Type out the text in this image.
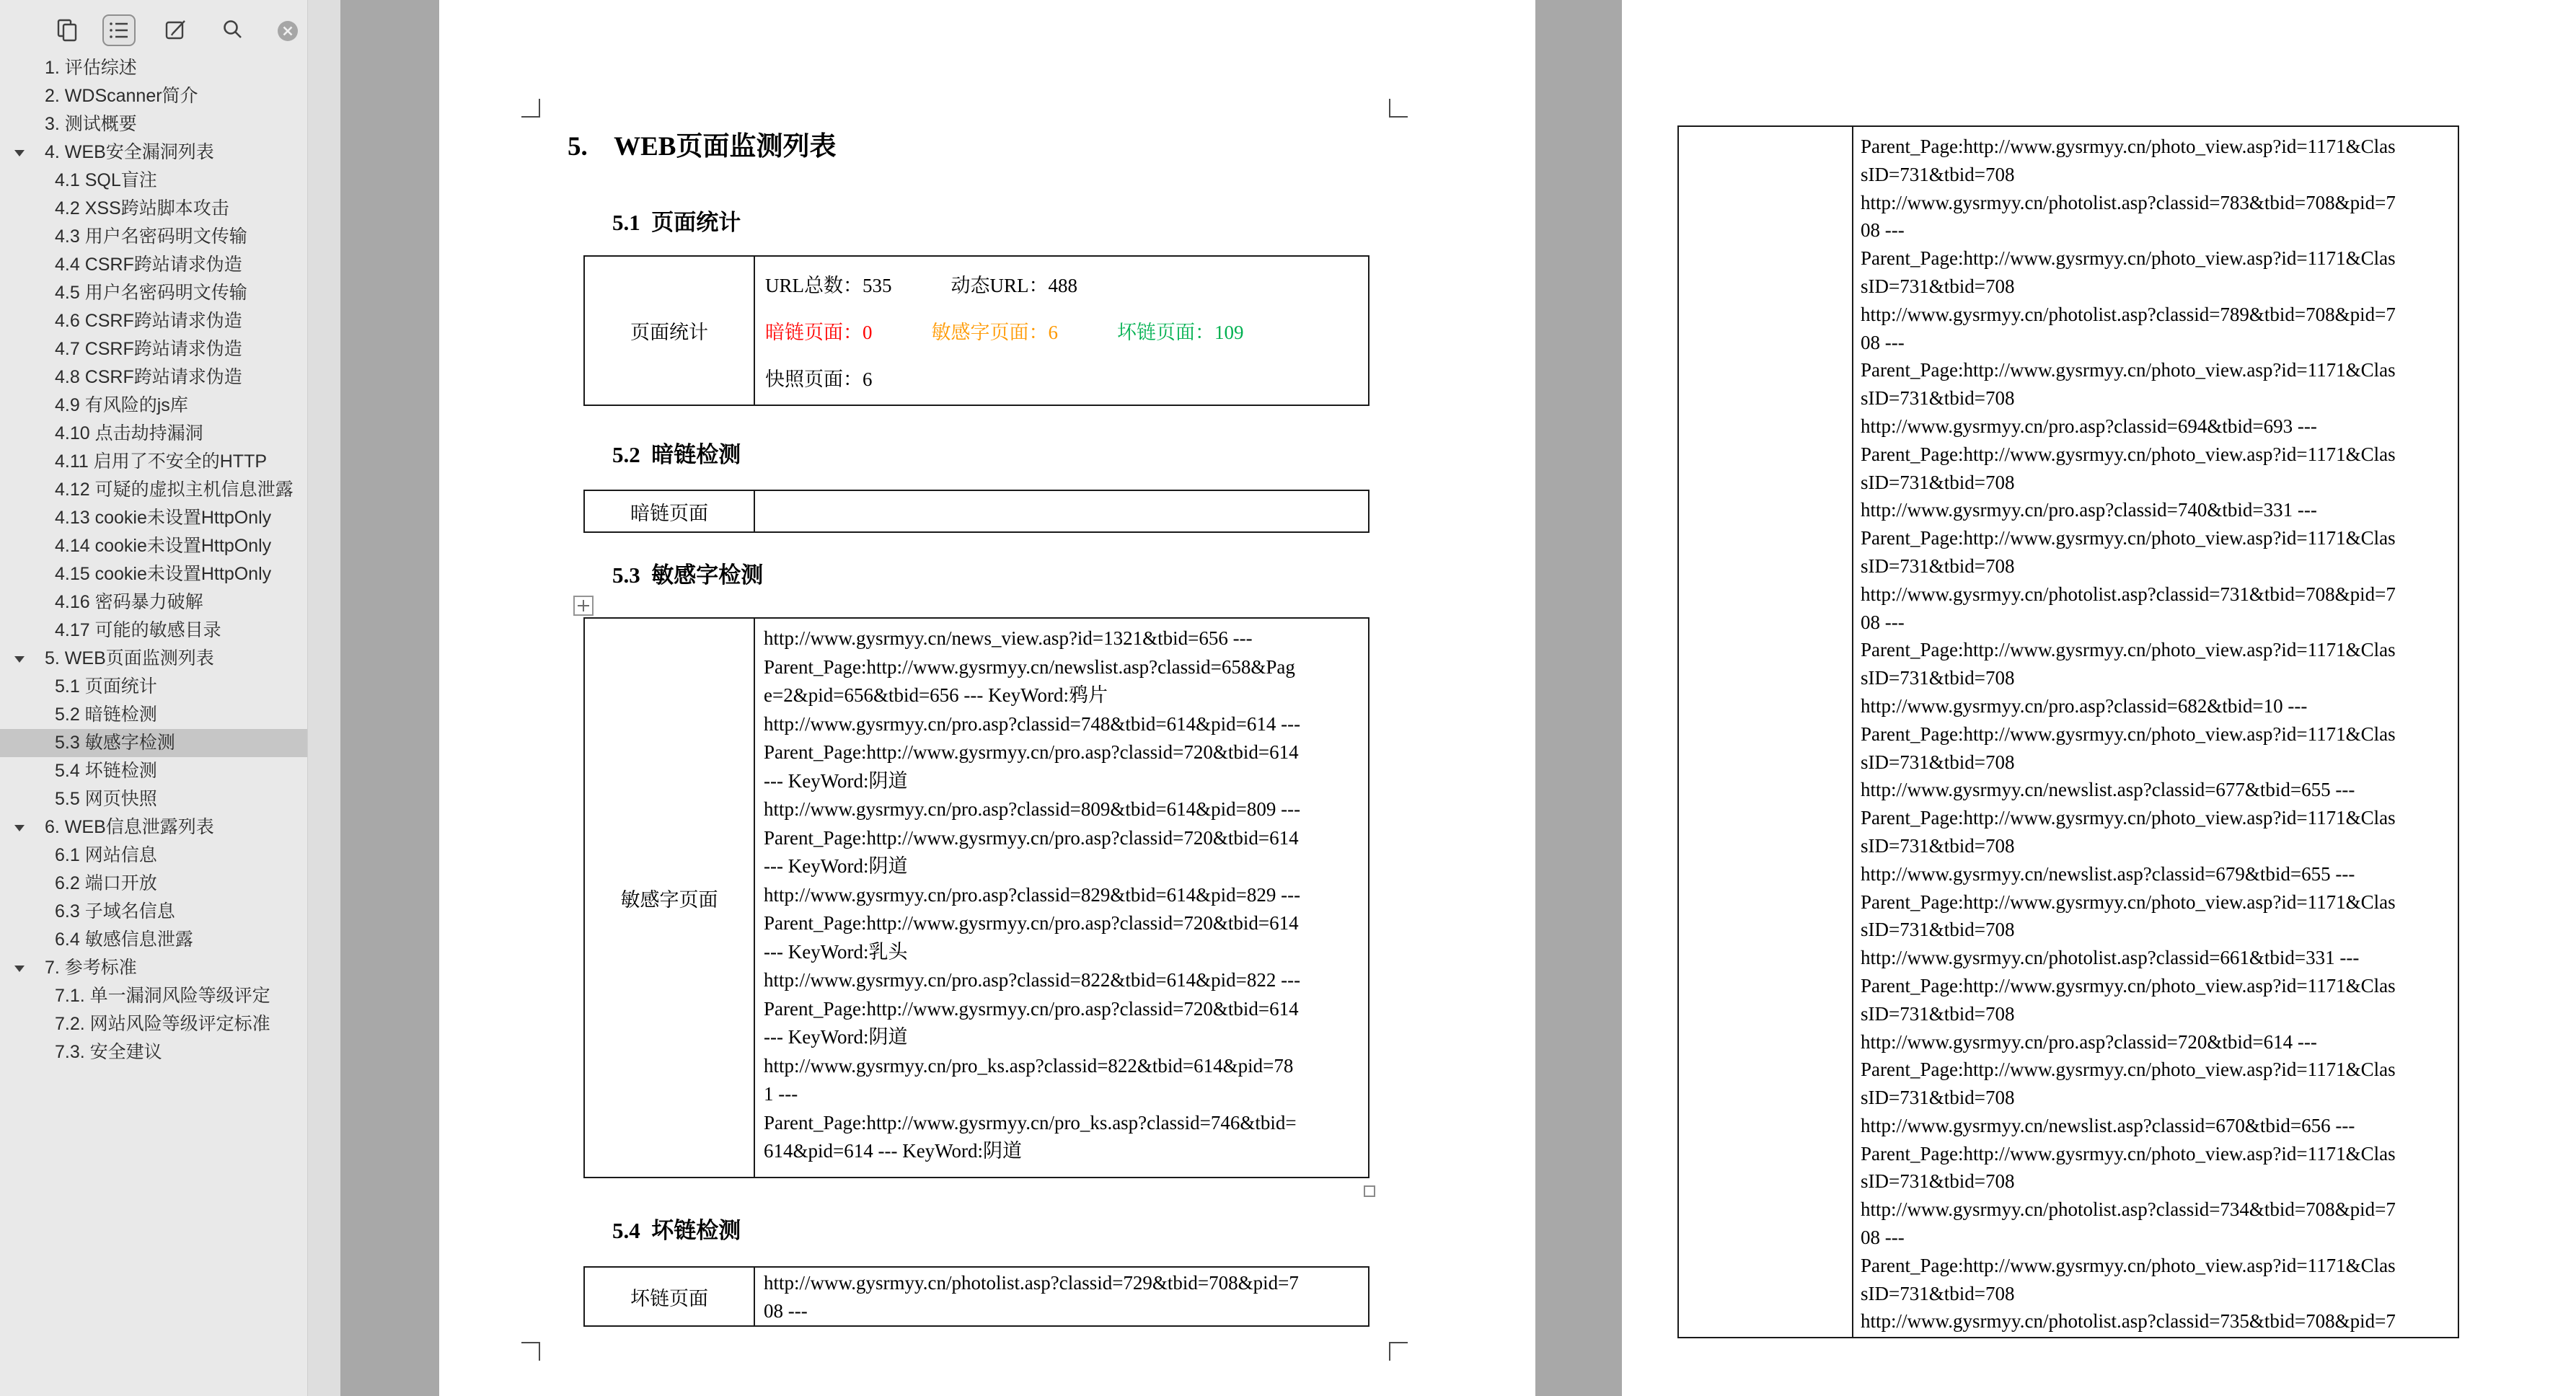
1. 评估综述
2. WDScanner简介
3. 测试概要
4. WEB安全漏洞列表
4.1 SQL盲注
4.2 XSS跨站脚本攻击
4.3 用户名密码明文传输
4.4 CSRF跨站请求伪造
4.5 用户名密码明文传输
4.6 CSRF跨站请求伪造
4.7 CSRF跨站请求伪造
4.8 CSRF跨站请求伪造
4.9 有风险的js库
4.10 点击劫持漏洞
4.11 启用了不安全的HTTP
4.12 可疑的虚拟主机信息泄露
4.13 cookie未设置HttpOnly
4.14 cookie未设置HttpOnly
4.15 cookie未设置HttpOnly
4.16 密码暴力破解
4.17 可能的敏感目录
5. WEB页面监测列表
5.1 页面统计
5.2 暗链检测
5.3 敏感字检测
5.4 坏链检测
5.5 网页快照
6. WEB信息泄露列表
6.1 网站信息
6.2 端口开放
6.3 子域名信息
6.4 敏感信息泄露
7. 参考标准
7.1. 单一漏洞风险等级评定
7.2. 网站风险等级评定标准
7.3. 安全建议
5.    WEB页面监测列表
5.1  页面统计
页面统计
URL总数：535	动态URL：488
暗链页面：0	敏感字页面：6	坏链页面：109
快照页面：6
5.2  暗链检测
暗链页面
5.3  敏感字检测
敏感字页面
http://www.gysrmyy.cn/news_view.asp?id=1321&tbid=656 ---
Parent_Page:http://www.gysrmyy.cn/newslist.asp?classid=658&Pag
e=2&pid=656&tbid=656 --- KeyWord:鸦片
http://www.gysrmyy.cn/pro.asp?classid=748&tbid=614&pid=614 ---
Parent_Page:http://www.gysrmyy.cn/pro.asp?classid=720&tbid=614
--- KeyWord:阴道
http://www.gysrmyy.cn/pro.asp?classid=809&tbid=614&pid=809 ---
Parent_Page:http://www.gysrmyy.cn/pro.asp?classid=720&tbid=614
--- KeyWord:阴道
http://www.gysrmyy.cn/pro.asp?classid=829&tbid=614&pid=829 ---
Parent_Page:http://www.gysrmyy.cn/pro.asp?classid=720&tbid=614
--- KeyWord:乳头
http://www.gysrmyy.cn/pro.asp?classid=822&tbid=614&pid=822 ---
Parent_Page:http://www.gysrmyy.cn/pro.asp?classid=720&tbid=614
--- KeyWord:阴道
http://www.gysrmyy.cn/pro_ks.asp?classid=822&tbid=614&pid=78
1 ---
Parent_Page:http://www.gysrmyy.cn/pro_ks.asp?classid=746&tbid=
614&pid=614 --- KeyWord:阴道
5.4  坏链检测
坏链页面
http://www.gysrmyy.cn/photolist.asp?classid=729&tbid=708&pid=7
08 ---
Parent_Page:http://www.gysrmyy.cn/photo_view.asp?id=1171&Clas
sID=731&tbid=708
http://www.gysrmyy.cn/photolist.asp?classid=783&tbid=708&pid=7
08 ---
Parent_Page:http://www.gysrmyy.cn/photo_view.asp?id=1171&Clas
sID=731&tbid=708
http://www.gysrmyy.cn/photolist.asp?classid=789&tbid=708&pid=7
08 ---
Parent_Page:http://www.gysrmyy.cn/photo_view.asp?id=1171&Clas
sID=731&tbid=708
http://www.gysrmyy.cn/pro.asp?classid=694&tbid=693 ---
Parent_Page:http://www.gysrmyy.cn/photo_view.asp?id=1171&Clas
sID=731&tbid=708
http://www.gysrmyy.cn/pro.asp?classid=740&tbid=331 ---
Parent_Page:http://www.gysrmyy.cn/photo_view.asp?id=1171&Clas
sID=731&tbid=708
http://www.gysrmyy.cn/photolist.asp?classid=731&tbid=708&pid=7
08 ---
Parent_Page:http://www.gysrmyy.cn/photo_view.asp?id=1171&Clas
sID=731&tbid=708
http://www.gysrmyy.cn/pro.asp?classid=682&tbid=10 ---
Parent_Page:http://www.gysrmyy.cn/photo_view.asp?id=1171&Clas
sID=731&tbid=708
http://www.gysrmyy.cn/newslist.asp?classid=677&tbid=655 ---
Parent_Page:http://www.gysrmyy.cn/photo_view.asp?id=1171&Clas
sID=731&tbid=708
http://www.gysrmyy.cn/newslist.asp?classid=679&tbid=655 ---
Parent_Page:http://www.gysrmyy.cn/photo_view.asp?id=1171&Clas
sID=731&tbid=708
http://www.gysrmyy.cn/photolist.asp?classid=661&tbid=331 ---
Parent_Page:http://www.gysrmyy.cn/photo_view.asp?id=1171&Clas
sID=731&tbid=708
http://www.gysrmyy.cn/pro.asp?classid=720&tbid=614 ---
Parent_Page:http://www.gysrmyy.cn/photo_view.asp?id=1171&Clas
sID=731&tbid=708
http://www.gysrmyy.cn/newslist.asp?classid=670&tbid=656 ---
Parent_Page:http://www.gysrmyy.cn/photo_view.asp?id=1171&Clas
sID=731&tbid=708
http://www.gysrmyy.cn/photolist.asp?classid=734&tbid=708&pid=7
08 ---
Parent_Page:http://www.gysrmyy.cn/photo_view.asp?id=1171&Clas
sID=731&tbid=708
http://www.gysrmyy.cn/photolist.asp?classid=735&tbid=708&pid=7
